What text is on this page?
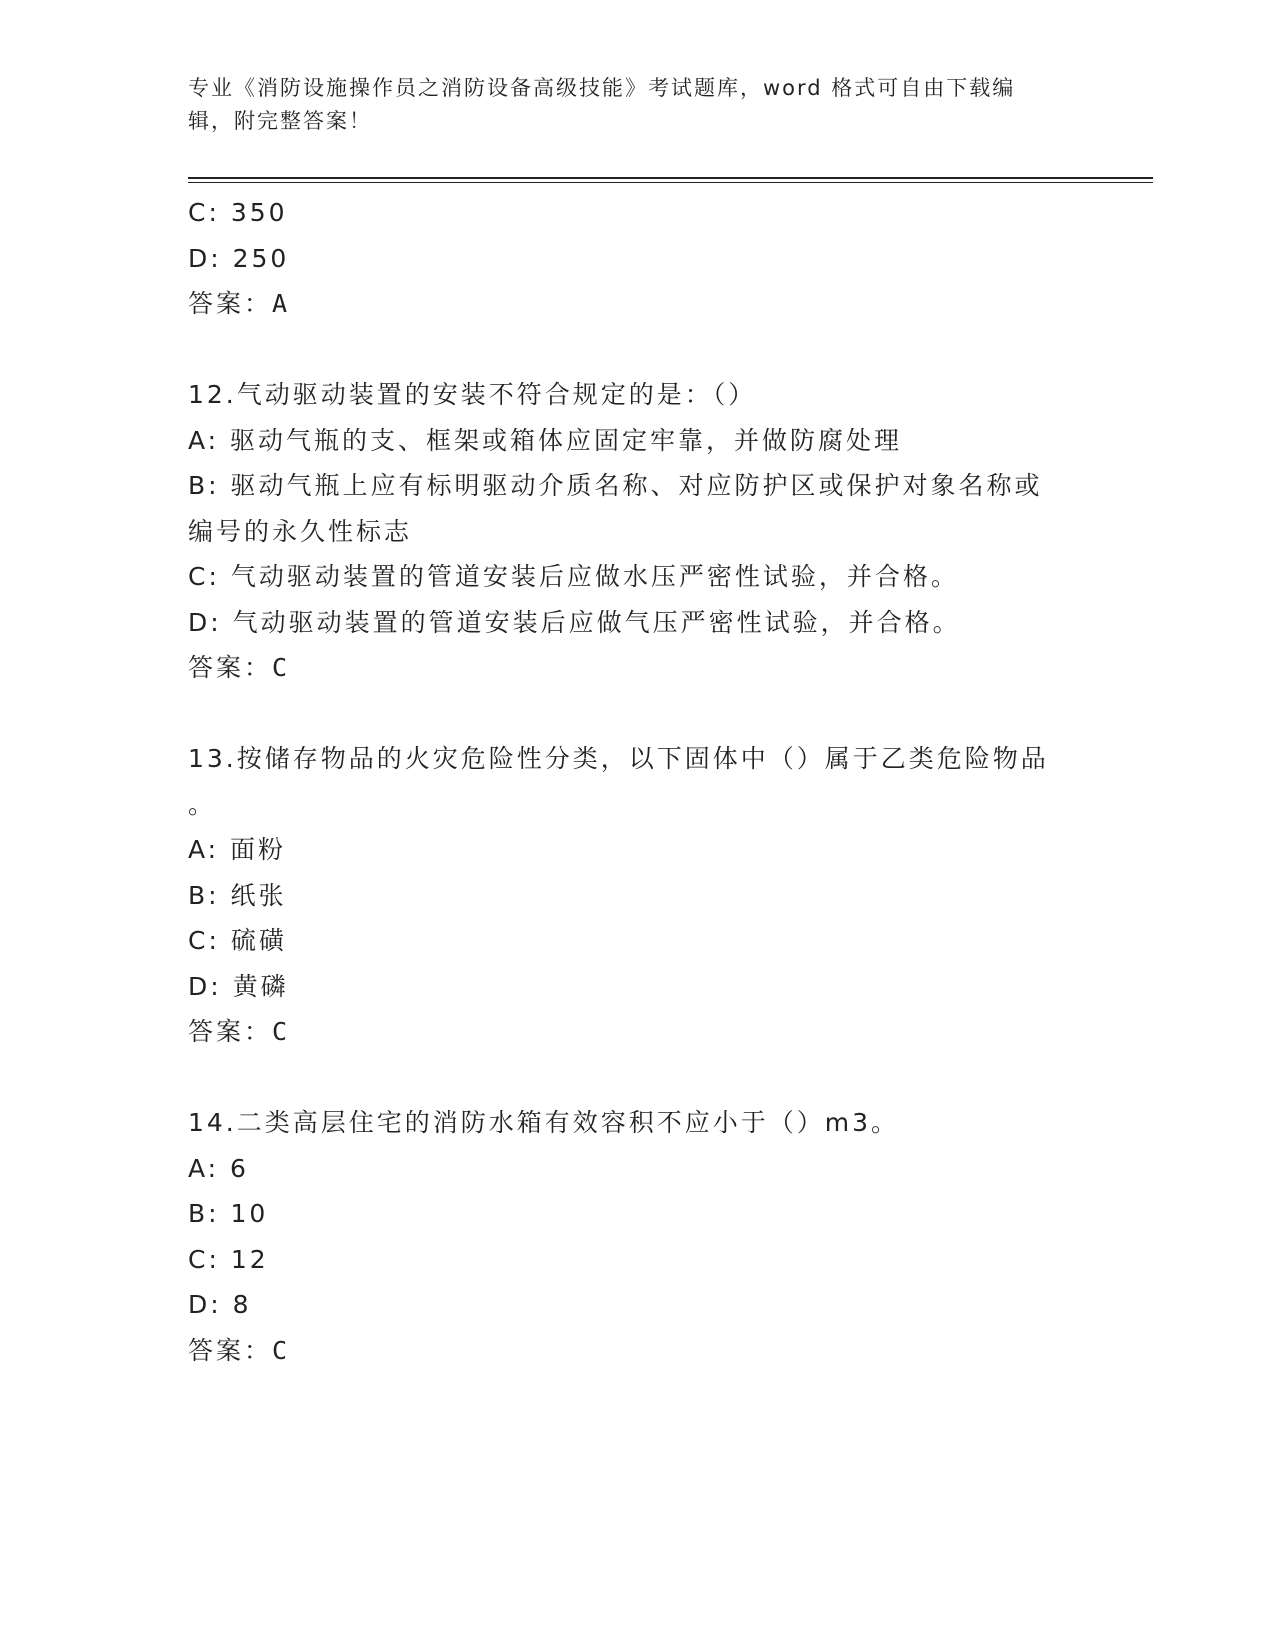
专业《消防设施操作员之消防设备高级技能》考试题库，word 格式可自由下载编
辑，附完整答案！
C: 350
D: 250
答案：A
12.气动驱动装置的安装不符合规定的是：（）
A: 驱动气瓶的支、框架或箱体应固定牢靠，并做防腐处理
B: 驱动气瓶上应有标明驱动介质名称、对应防护区或保护对象名称或
编号的永久性标志
C: 气动驱动装置的管道安装后应做水压严密性试验，并合格。
D: 气动驱动装置的管道安装后应做气压严密性试验，并合格。
答案：C
13.按储存物品的火灾危险性分类，以下固体中（）属于乙类危险物品
。
A: 面粉
B: 纸张
C: 硫磺
D: 黄磷
答案：C
14.二类高层住宅的消防水箱有效容积不应小于（）m3。
A: 6
B: 10
C: 12
D: 8
答案：C
